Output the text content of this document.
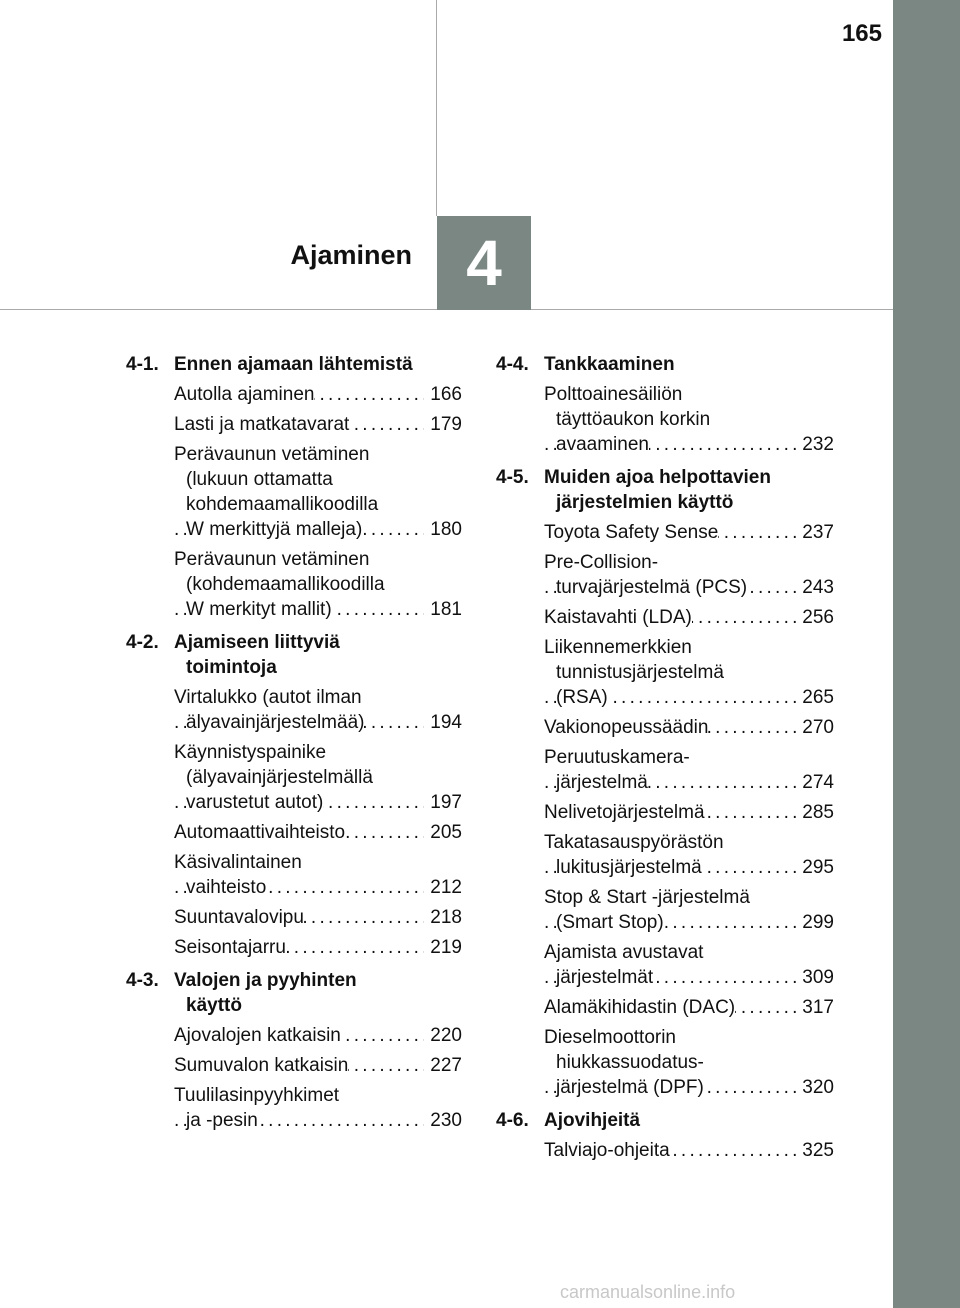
165
4
Ajaminen
4-1. Ennen ajamaan lähtemistä
Autolla ajaminen . . .	166
Lasti ja matkatavarat . . .	179
Perävaunun vetäminen
(lukuun ottamatta
kohdemaamallikoodilla
W merkittyjä malleja) . . .	180
Perävaunun vetäminen
(kohdemaamallikoodilla
W merkityt mallit) . . .	181
4-2. Ajamiseen liittyviä
toimintoja
Virtalukko (autot ilman
älyavainjärjestelmää) . . .	194
Käynnistyspainike
(älyavainjärjestelmällä
varustetut autot) . . .	197
Automaattivaihteisto . . .	205
Käsivalintainen
vaihteisto . . .	212
Suuntavalovipu . . .	218
Seisontajarru . . .	219
4-3. Valojen ja pyyhinten
käyttö
Ajovalojen katkaisin . . .	220
Sumuvalon katkaisin . . .	227
Tuulilasinpyyhkimet
ja -pesin . . .	230
4-4. Tankkaaminen
Polttoainesäiliön
täyttöaukon korkin
avaaminen . . .	232
4-5. Muiden ajoa helpottavien
järjestelmien käyttö
Toyota Safety Sense . . .	237
Pre-Collision-
turvajärjestelmä (PCS) . . .	243
Kaistavahti (LDA) . . .	256
Liikennemerkkien
tunnistusjärjestelmä
(RSA) . . .	265
Vakionopeussäädin . . .	270
Peruutuskamera-
järjestelmä . . .	274
Nelivetojärjestelmä . . .	285
Takatasauspyörästön
lukitusjärjestelmä . . .	295
Stop & Start -järjestelmä
(Smart Stop) . . .	299
Ajamista avustavat
järjestelmät . . .	309
Alamäkihidastin (DAC) . . .	317
Dieselmoottorin
hiukkassuodatus-
järjestelmä (DPF) . . .	320
4-6. Ajovihjeitä
Talviajo-ohjeita . . .	325
carmanualsonline.info
